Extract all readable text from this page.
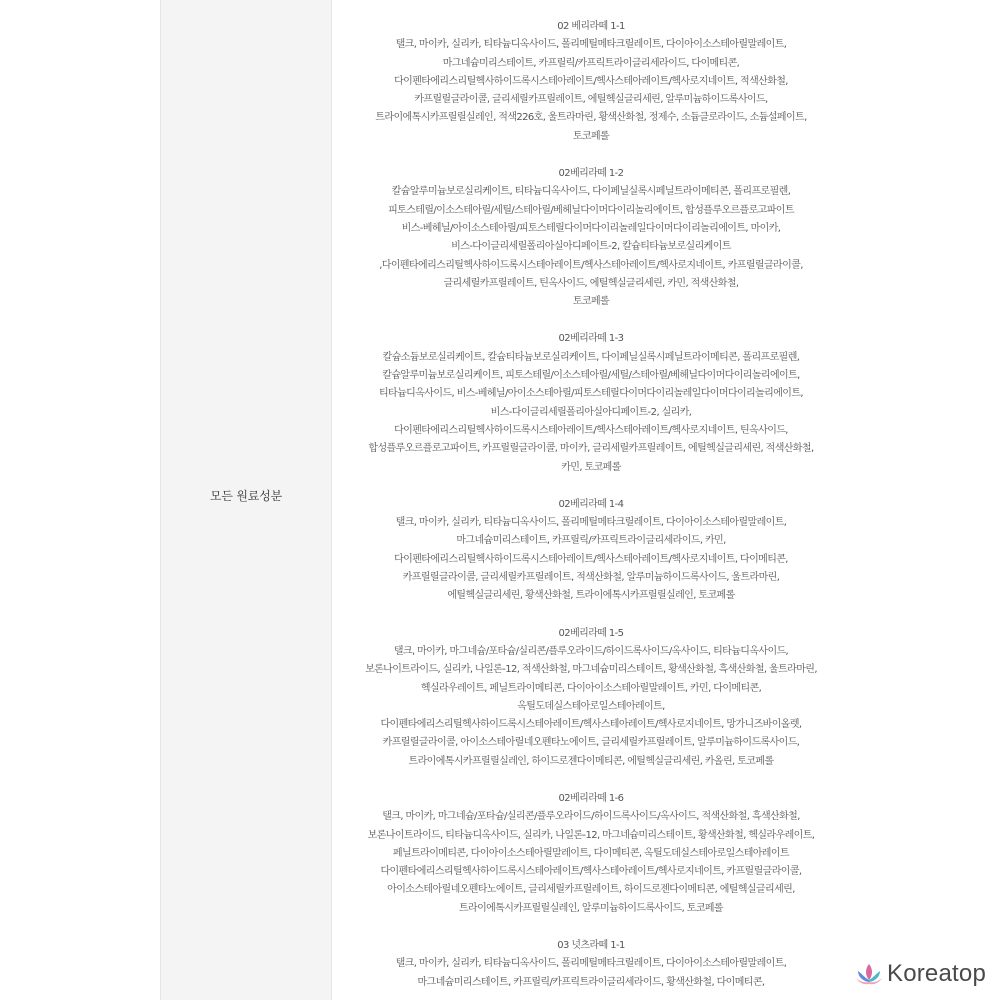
모든 원료성분
02 베리라떼 1-1
탤크, 마이카, 실리카, 티타늄디옥사이드, 폴리메틸메타크릴레이트, 다이아이소스테아릴말레이트,
마그네슘미리스테이트, 카프릴릭/카프릭트라이글리세라이드, 다이메티콘,
다이펜타에리스리틸헥사하이드록시스테아레이트/헥사스테아레이트/헥사로지네이트, 적색산화철,
카프릴릴글라이콜, 글리세릴카프릴레이트, 에틸헥실글리세린, 알루미늄하이드록사이드,
트라이에톡시카프릴릴실레인, 적색226호, 울트라마린, 황색산화철, 정제수, 소듐클로라이드, 소듐설페이트,
토코페롤
02베리라떼 1-2
칼슘알루미늄보로실리케이트, 티타늄디옥사이드, 다이페닐실록시페닐트라이메티콘, 폴리프로필렌,
피토스테릴/이소스테아릴/세틸/스테아릴/베헤닐다이머다이리놀리에이트, 합성플루오르플로고파이트
비스-베헤닐/아이소스테아릴/피토스테릴다이머다이리놀레일다이머다이리놀리에이트, 마이카,
비스-다이글리세릴폴리아실아디페이트-2, 칼슘티타늄보로실리케이트
,다이펜타에리스리틸헥사하이드록시스테아레이트/헥사스테아레이트/헥사로지네이트, 카프릴릴글라이콜,
글리세릴카프릴레이트, 틴옥사이드, 에틸헥실글리세린, 카민, 적색산화철,
토코페롤
02베리라떼 1-3
칼슘소듐보로실리케이트, 칼슘티타늄보로실리케이트, 다이페닐실록시페닐트라이메티콘, 폴리프로필렌,
칼슘알루미늄보로실리케이트, 피토스테릴/이소스테아릴/세틸/스테아릴/베헤닐다이머다이리놀리에이트,
티타늄디옥사이드, 비스-베헤닐/아이소스테아릴/피토스테릴다이머다이리놀레일다이머다이리놀리에이트,
비스-다이글리세릴폴리아실아디페이트-2, 실리카,
다이펜타에리스리틸헥사하이드록시스테아레이트/헥사스테아레이트/헥사로지네이트, 틴옥사이드,
합성플루오르플로고파이트, 카프릴릴글라이콜, 마이카, 글리세릴카프릴레이트, 에틸헥실글리세린, 적색산화철,
카민, 토코페롤
02베리라떼 1-4
탤크, 마이카, 실리카, 티타늄디옥사이드, 폴리메틸메타크릴레이트, 다이아이소스테아릴말레이트,
마그네슘미리스테이트, 카프릴릭/카프릭트라이글리세라이드, 카민,
다이펜타에리스리틸헥사하이드록시스테아레이트/헥사스테아레이트/헥사로지네이트, 다이메티콘,
카프릴릴글라이콜, 글리세릴카프릴레이트, 적색산화철, 알루미늄하이드록사이드, 울트라마린,
에틸헥실글리세린, 황색산화철, 트라이에톡시카프릴릴실레인, 토코페롤
02베리라떼 1-5
탤크, 마이카, 마그네슘/포타슘/실리콘/플루오라이드/하이드록사이드/옥사이드, 티타늄디옥사이드,
보론나이트라이드, 실리카, 나일론-12, 적색산화철, 마그네슘미리스테이트, 황색산화철, 흑색산화철, 울트라마린,
헥실라우레이트, 페닐트라이메티콘, 다이아이소스테아릴말레이트, 카민, 다이메티콘,
옥틸도데실스테아로일스테아레이트,
다이펜타에리스리틸헥사하이드록시스테아레이트/헥사스테아레이트/헥사로지네이트, 망가니즈바이올렛,
카프릴릴글라이콜, 아이소스테아릴네오펜타노에이트, 글리세릴카프릴레이트, 알루미늄하이드록사이드,
트라이에톡시카프릴릴실레인, 하이드로젠다이메티콘, 에틸헥실글리세린, 카올린, 토코페롤
02베리라떼 1-6
탤크, 마이카, 마그네슘/포타슘/실리콘/플루오라이드/하이드록사이드/옥사이드, 적색산화철, 흑색산화철,
보론나이트라이드, 티타늄디옥사이드, 실리카, 나일론-12, 마그네슘미리스테이트, 황색산화철, 헥실라우레이트,
페닐트라이메티콘, 다이아이소스테아릴말레이트, 다이메티콘, 옥틸도데실스테아로일스테아레이트
다이펜타에리스리틸헥사하이드록시스테아레이트/헥사스테아레이트/헥사로지네이트, 카프릴릴글라이콜,
아이소스테아릴네오펜타노에이트, 글리세릴카프릴레이트, 하이드로젠다이메티콘, 에틸헥실글리세린,
트라이에톡시카프릴릴실레인, 알루미늄하이드록사이드, 토코페롤
03 넛츠라떼 1-1
탤크, 마이카, 실리카, 티타늄디옥사이드, 폴리메틸메타크릴레이트, 다이아이소스테아릴말레이트,
마그네슘미리스테이트, 카프릴릭/카프릭트라이글리세라이드, 황색산화철, 다이메티콘,	Koreatop
